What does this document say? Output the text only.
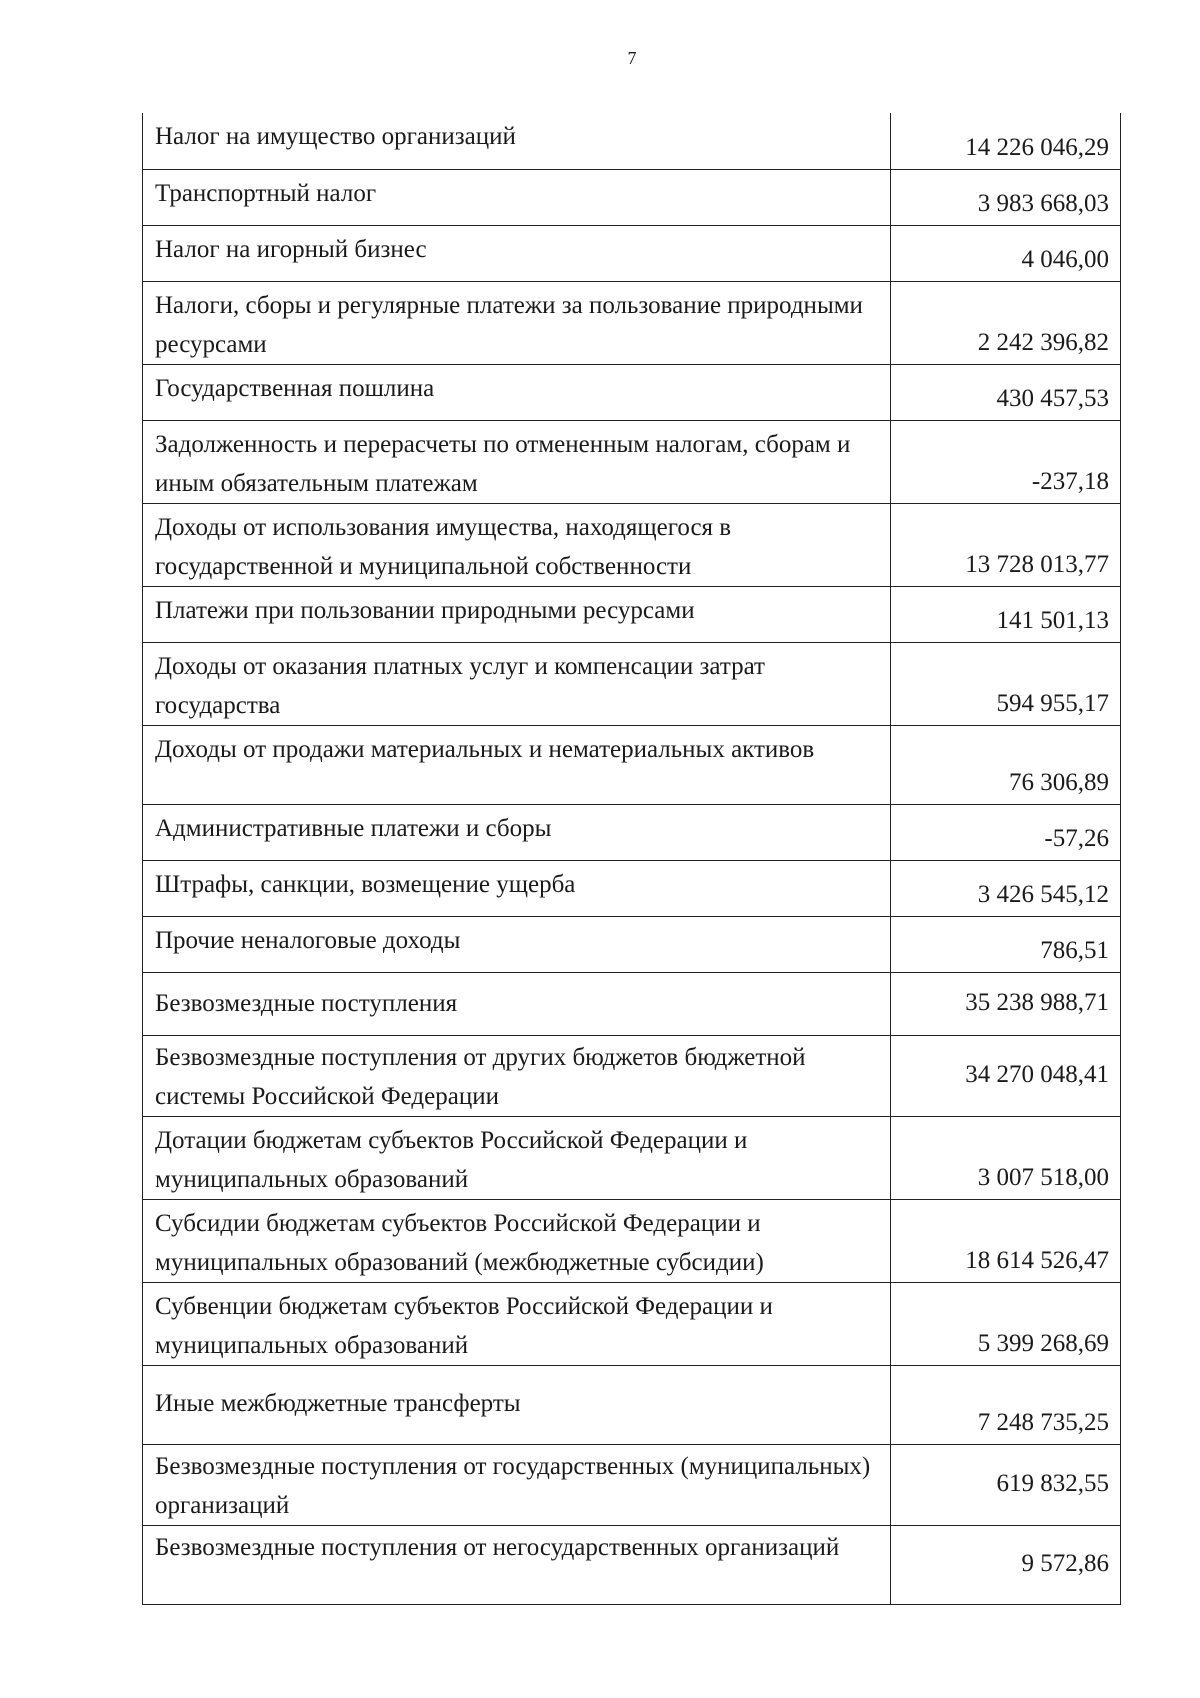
7
Налог на имущество организаций	14 226 046,29

Транспортный налог	3 983 668,03

Налог на игорный бизнес	4 046,00

Налоги, сборы и регулярные платежи за пользование природными ресурсами	2 242 396,82

Государственная пошлина	430 457,53

Задолженность и перерасчеты по отмененным налогам, сборам и иным обязательным платежам	-237,18

Доходы от использования имущества, находящегося в государственной и муниципальной собственности	13 728 013,77

Платежи при пользовании природными ресурсами	141 501,13

Доходы от оказания платных услуг и компенсации затрат государства	594 955,17

Доходы от продажи материальных и нематериальных активов	76 306,89

Административные платежи и сборы	-57,26

Штрафы, санкции, возмещение ущерба	3 426 545,12

Прочие неналоговые доходы	786,51

Безвозмездные поступления	35 238 988,71

Безвозмездные поступления от других бюджетов бюджетной системы Российской Федерации	34 270 048,41

Дотации бюджетам субъектов Российской Федерации и муниципальных образований	3 007 518,00

Субсидии бюджетам субъектов Российской Федерации и муниципальных образований (межбюджетные субсидии)	18 614 526,47

Субвенции бюджетам субъектов Российской Федерации и муниципальных образований	5 399 268,69

Иные межбюджетные трансферты	7 248 735,25

Безвозмездные поступления от государственных (муниципальных) организаций	619 832,55

Безвозмездные поступления от негосударственных организаций	9 572,86
